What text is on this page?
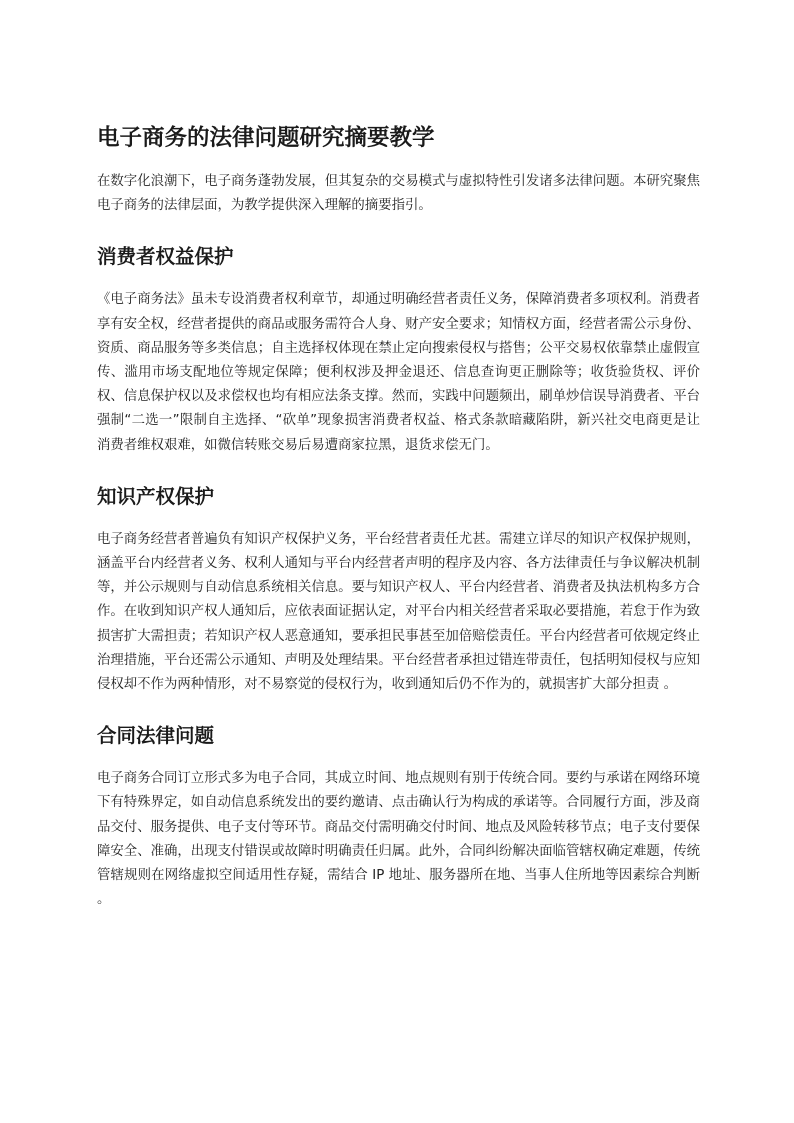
电子商务的法律问题研究摘要教学

在数字化浪潮下，电子商务蓬勃发展，但其复杂的交易模式与虚拟特性引发诸多法律问题。本研究聚焦电子商务的法律层面，为教学提供深入理解的摘要指引。

消费者权益保护

《电子商务法》虽未专设消费者权利章节，却通过明确经营者责任义务，保障消费者多项权利。消费者享有安全权，经营者提供的商品或服务需符合人身、财产安全要求；知情权方面，经营者需公示身份、资质、商品服务等多类信息；自主选择权体现在禁止定向搜索侵权与搭售；公平交易权依靠禁止虚假宣传、滥用市场支配地位等规定保障；便利权涉及押金退还、信息查询更正删除等；收货验货权、评价权、信息保护权以及求偿权也均有相应法条支撑。然而，实践中问题频出，刷单炒信误导消费者、平台强制“二选一”限制自主选择、“砍单”现象损害消费者权益、格式条款暗藏陷阱，新兴社交电商更是让消费者维权艰难，如微信转账交易后易遭商家拉黑，退货求偿无门。

知识产权保护

电子商务经营者普遍负有知识产权保护义务，平台经营者责任尤甚。需建立详尽的知识产权保护规则，涵盖平台内经营者义务、权利人通知与平台内经营者声明的程序及内容、各方法律责任与争议解决机制等，并公示规则与自动信息系统相关信息。要与知识产权人、平台内经营者、消费者及执法机构多方合作。在收到知识产权人通知后，应依表面证据认定，对平台内相关经营者采取必要措施，若怠于作为致损害扩大需担责；若知识产权人恶意通知，要承担民事甚至加倍赔偿责任。平台内经营者可依规定终止治理措施，平台还需公示通知、声明及处理结果。平台经营者承担过错连带责任，包括明知侵权与应知侵权却不作为两种情形，对不易察觉的侵权行为，收到通知后仍不作为的，就损害扩大部分担责 。

合同法律问题

电子商务合同订立形式多为电子合同，其成立时间、地点规则有别于传统合同。要约与承诺在网络环境下有特殊界定，如自动信息系统发出的要约邀请、点击确认行为构成的承诺等。合同履行方面，涉及商品交付、服务提供、电子支付等环节。商品交付需明确交付时间、地点及风险转移节点；电子支付要保障安全、准确，出现支付错误或故障时明确责任归属。此外，合同纠纷解决面临管辖权确定难题，传统管辖规则在网络虚拟空间适用性存疑，需结合 IP 地址、服务器所在地、当事人住所地等因素综合判断 。
